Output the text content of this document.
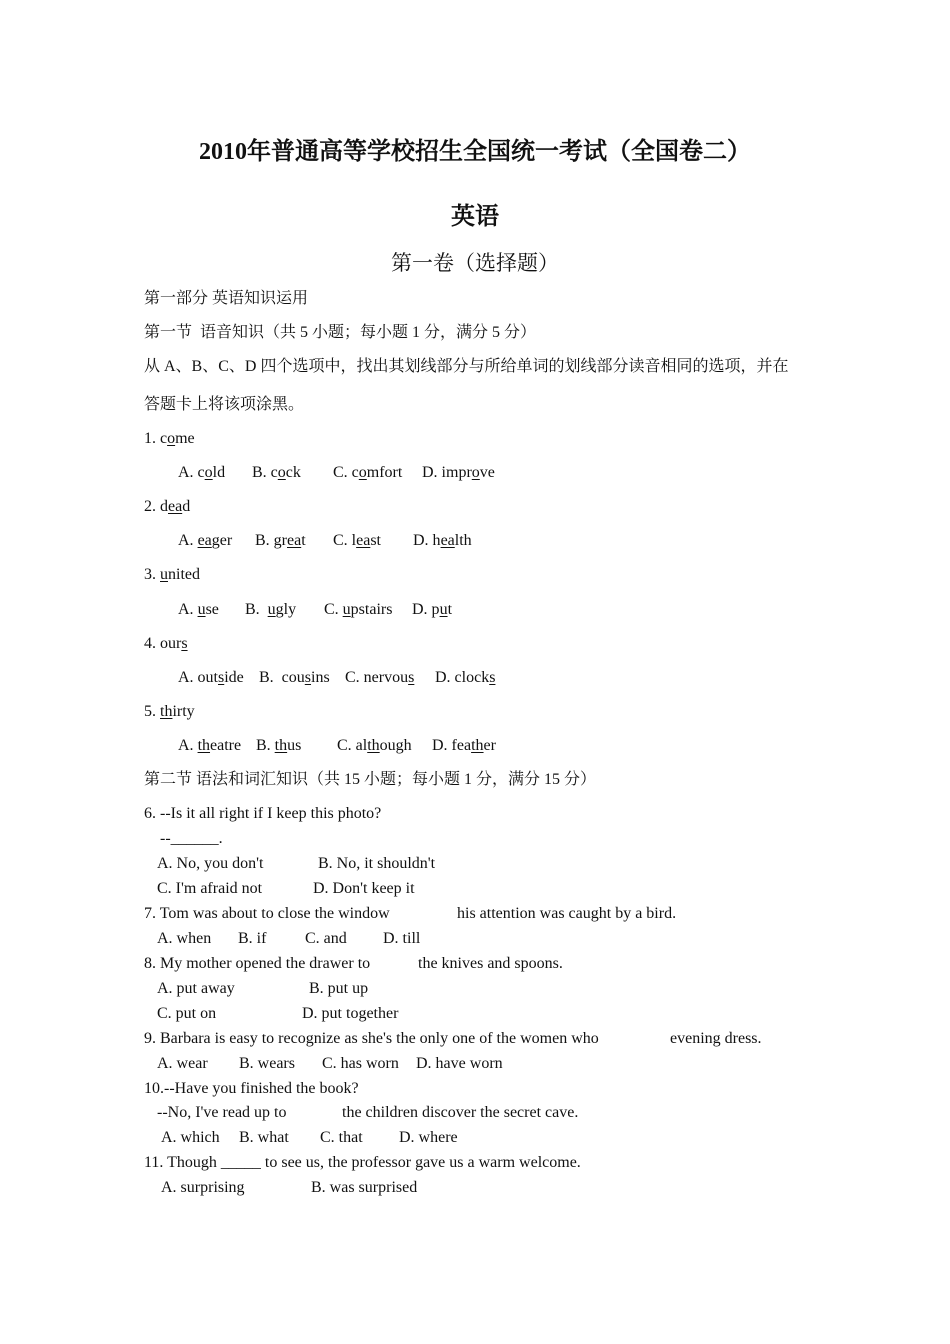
2010年普通高等学校招生全国统一考试（全国卷二）
英语
第一卷（选择题）
第一部分 英语知识运用
第一节  语音知识（共 5 小题；每小题 1 分，满分 5 分）
从 A、B、C、D 四个选项中，找出其划线部分与所给单词的划线部分读音相同的选项，并在
答题卡上将该项涂黑。
1. come

A. cold

B. cock

C. comfort

D. improve

2. dead

A. eager

B. great

C. least

D. health

3. united

A. use

B.  ugly

C. upstairs

D. put

4. ours

A. outside

B.  cousins

C. nervous

D. clocks

5. thirty

A. theatre

B. thus

C. although

D. feather

第二节 语法和词汇知识（共 15 小题；每小题 1 分，满分 15 分）
6. --Is it all right if I keep this photo?
--______.
A. No, you don't	B. No, it shouldn't
C. I'm afraid not	D. Don't keep it
7. Tom was about to close the window	his attention was caught by a bird.
A. when B. if C. and D. till
8. My mother opened the drawer to	the knives and spoons.
A. put away	B. put up
C. put on	D. put together
9. Barbara is easy to recognize as she's the only one of the women who	evening dress.
A. wear B. wears C. has worn D. have worn
10.--Have you finished the book?
--No, I've read up to	the children discover the secret cave.
A. which B. what C. that D. where
11. Though _____ to see us, the professor gave us a warm welcome.
A. surprising	B. was surprised
